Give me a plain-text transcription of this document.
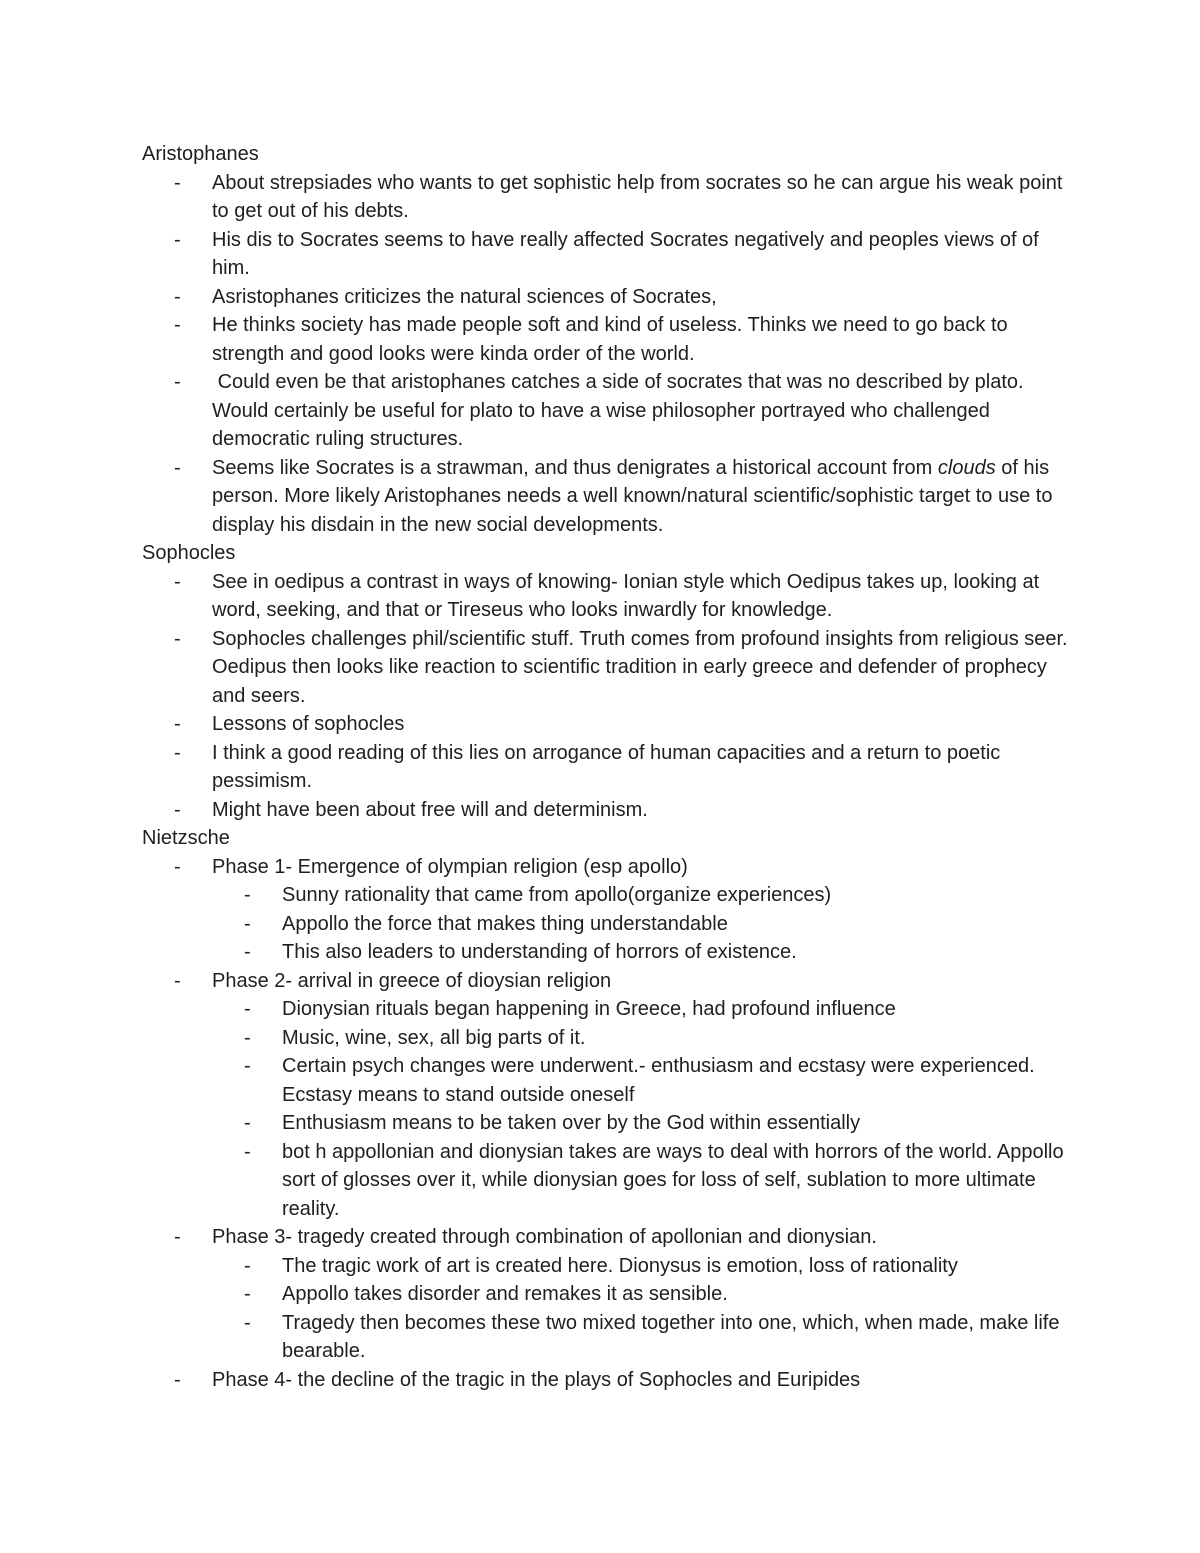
Aristophanes
- About strepsiades who wants to get sophistic help from socrates so he can argue his weak point to get out of his debts.
- His dis to Socrates seems to have really affected Socrates negatively and peoples views of of him.
- Asristophanes criticizes the natural sciences of Socrates,
- He thinks society has made people soft and kind of useless. Thinks we need to go back to strength and good looks were kinda order of the world.
- Could even be that aristophanes catches a side of socrates that was no described by plato. Would certainly be useful for plato to have a wise philosopher portrayed who challenged democratic ruling structures.
- Seems like Socrates is a strawman, and thus denigrates a historical account from clouds of his person. More likely Aristophanes needs a well known/natural scientific/sophistic target to use to display his disdain in the new social developments.
Sophocles
- See in oedipus a contrast in ways of knowing- Ionian style which Oedipus takes up, looking at word, seeking, and that or Tireseus who looks inwardly for knowledge.
- Sophocles challenges phil/scientific stuff. Truth comes from profound insights from religious seer. Oedipus then looks like reaction to scientific tradition in early greece and defender of prophecy and seers.
- Lessons of sophocles
- I think a good reading of this lies on arrogance of human capacities and a return to poetic pessimism.
- Might have been about free will and determinism.
Nietzsche
- Phase 1- Emergence of olympian religion (esp apollo)
- Sunny rationality that came from apollo(organize experiences)
- Appollo the force that makes thing understandable
- This also leaders to understanding of horrors of existence.
- Phase 2- arrival in greece of dioysian religion
- Dionysian rituals began happening in Greece, had profound influence
- Music, wine, sex, all big parts of it.
- Certain psych changes were underwent.- enthusiasm and ecstasy were experienced. Ecstasy means to stand outside oneself
- Enthusiasm means to be taken over by the God within essentially
- bot h appollonian and dionysian takes are ways to deal with horrors of the world. Appollo sort of glosses over it, while dionysian goes for loss of self, sublation to more ultimate reality.
- Phase 3- tragedy created through combination of apollonian and dionysian.
- The tragic work of art is created here. Dionysus is emotion, loss of rationality
- Appollo takes disorder and remakes it as sensible.
- Tragedy then becomes these two mixed together into one, which, when made, make life bearable.
- Phase 4- the decline of the tragic in the plays of Sophocles and Euripides
